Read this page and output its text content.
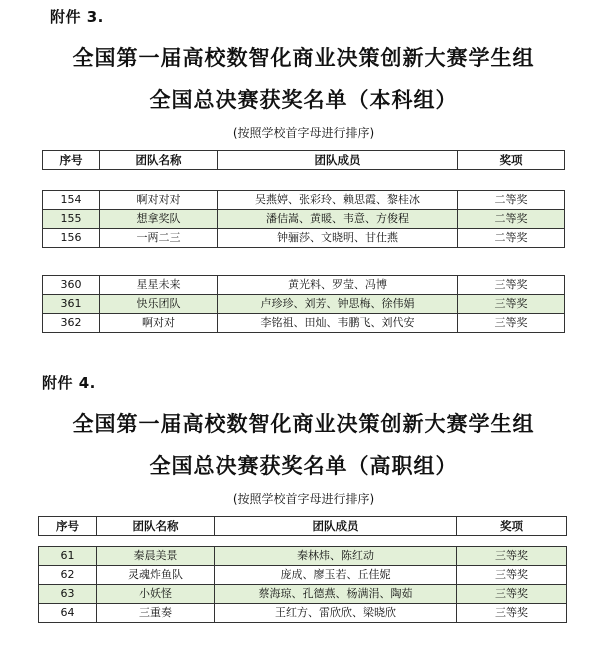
附件 3.
全国第一届高校数智化商业决策创新大赛学生组
全国总决赛获奖名单（本科组）
(按照学校首字母进行排序)
序号	团队名称	团队成员	奖项
154	啊对对对	吴燕婷、张彩玲、赖思霞、黎桂冰	二等奖
155	想拿奖队	潘佶嵩、黄暖、韦意、方俊程	二等奖
156	一两二三	钟骊莎、文晓明、甘仕燕	二等奖
360	星星未来	黄光料、罗莹、冯博	三等奖
361	快乐团队	卢珍珍、刘芳、钟思梅、徐伟娟	三等奖
362	啊对对	李铭祖、田灿、韦鹏飞、刘代安	三等奖
附件 4.
全国第一届高校数智化商业决策创新大赛学生组
全国总决赛获奖名单（高职组）
(按照学校首字母进行排序)
序号	团队名称	团队成员	奖项
61	秦晨美景	秦林炜、陈红动	三等奖
62	灵魂炸鱼队	庞成、廖玉若、丘佳妮	三等奖
63	小妖怪	蔡海琼、孔德燕、杨满涓、陶茹	三等奖
64	三重奏	王红方、雷欣欣、梁晓欣	三等奖
